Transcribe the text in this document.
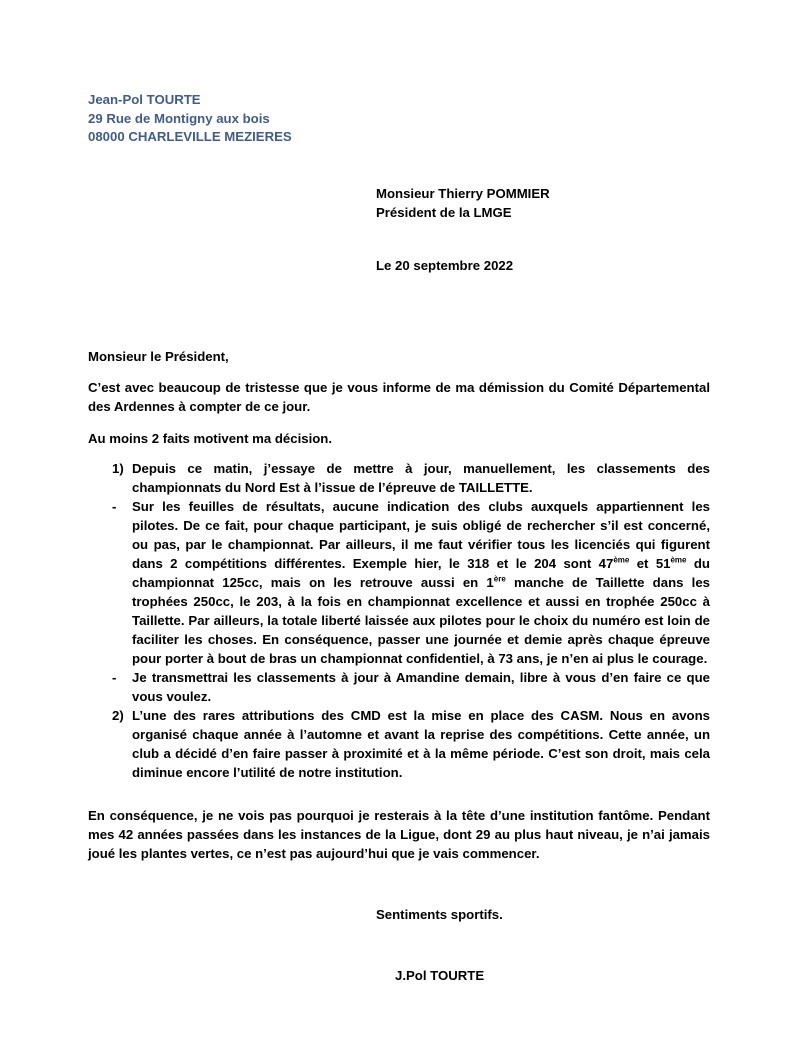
Jean-Pol TOURTE
29 Rue de Montigny aux bois
08000 CHARLEVILLE MEZIERES
Monsieur Thierry POMMIER
Président de la LMGE
Le 20 septembre 2022
Monsieur le Président,
C’est avec beaucoup de tristesse que je vous informe de ma démission du Comité Départemental des Ardennes à compter de ce jour.
Au moins 2 faits motivent ma décision.
1) Depuis ce matin, j’essaye de mettre à jour, manuellement, les classements des championnats du Nord Est à l’issue de l’épreuve de TAILLETTE.
-	Sur les feuilles de résultats, aucune indication des clubs auxquels appartiennent les pilotes. De ce fait, pour chaque participant, je suis obligé de rechercher s’il est concerné, ou pas, par le championnat. Par ailleurs, il me faut vérifier tous les licenciés qui figurent dans 2 compétitions différentes. Exemple hier, le 318 et le 204 sont 47ème et 51ème du championnat 125cc, mais on les retrouve aussi en 1ère manche de Taillette dans les trophées 250cc, le 203, à la fois en championnat excellence et aussi en trophée 250cc à Taillette. Par ailleurs, la totale liberté laissée aux pilotes pour le choix du numéro est loin de faciliter les choses. En conséquence, passer une journée et demie après chaque épreuve pour porter à bout de bras un championnat confidentiel, à 73 ans, je n’en ai plus le courage.
-	Je transmettrai les classements à jour à Amandine demain, libre à vous d’en faire ce que vous voulez.
2) L’une des rares attributions des CMD est la mise en place des CASM. Nous en avons organisé chaque année à l’automne et avant la reprise des compétitions. Cette année, un club a décidé d’en faire passer à proximité et à la même période. C’est son droit, mais cela diminue encore l’utilité de notre institution.
En conséquence, je ne vois pas pourquoi je resterais à la tête d’une institution fantôme. Pendant mes 42 années passées dans les instances de la Ligue, dont 29 au plus haut niveau, je n’ai jamais joué les plantes vertes, ce n’est pas aujourd’hui que je vais commencer.
Sentiments sportifs.
J.Pol TOURTE
